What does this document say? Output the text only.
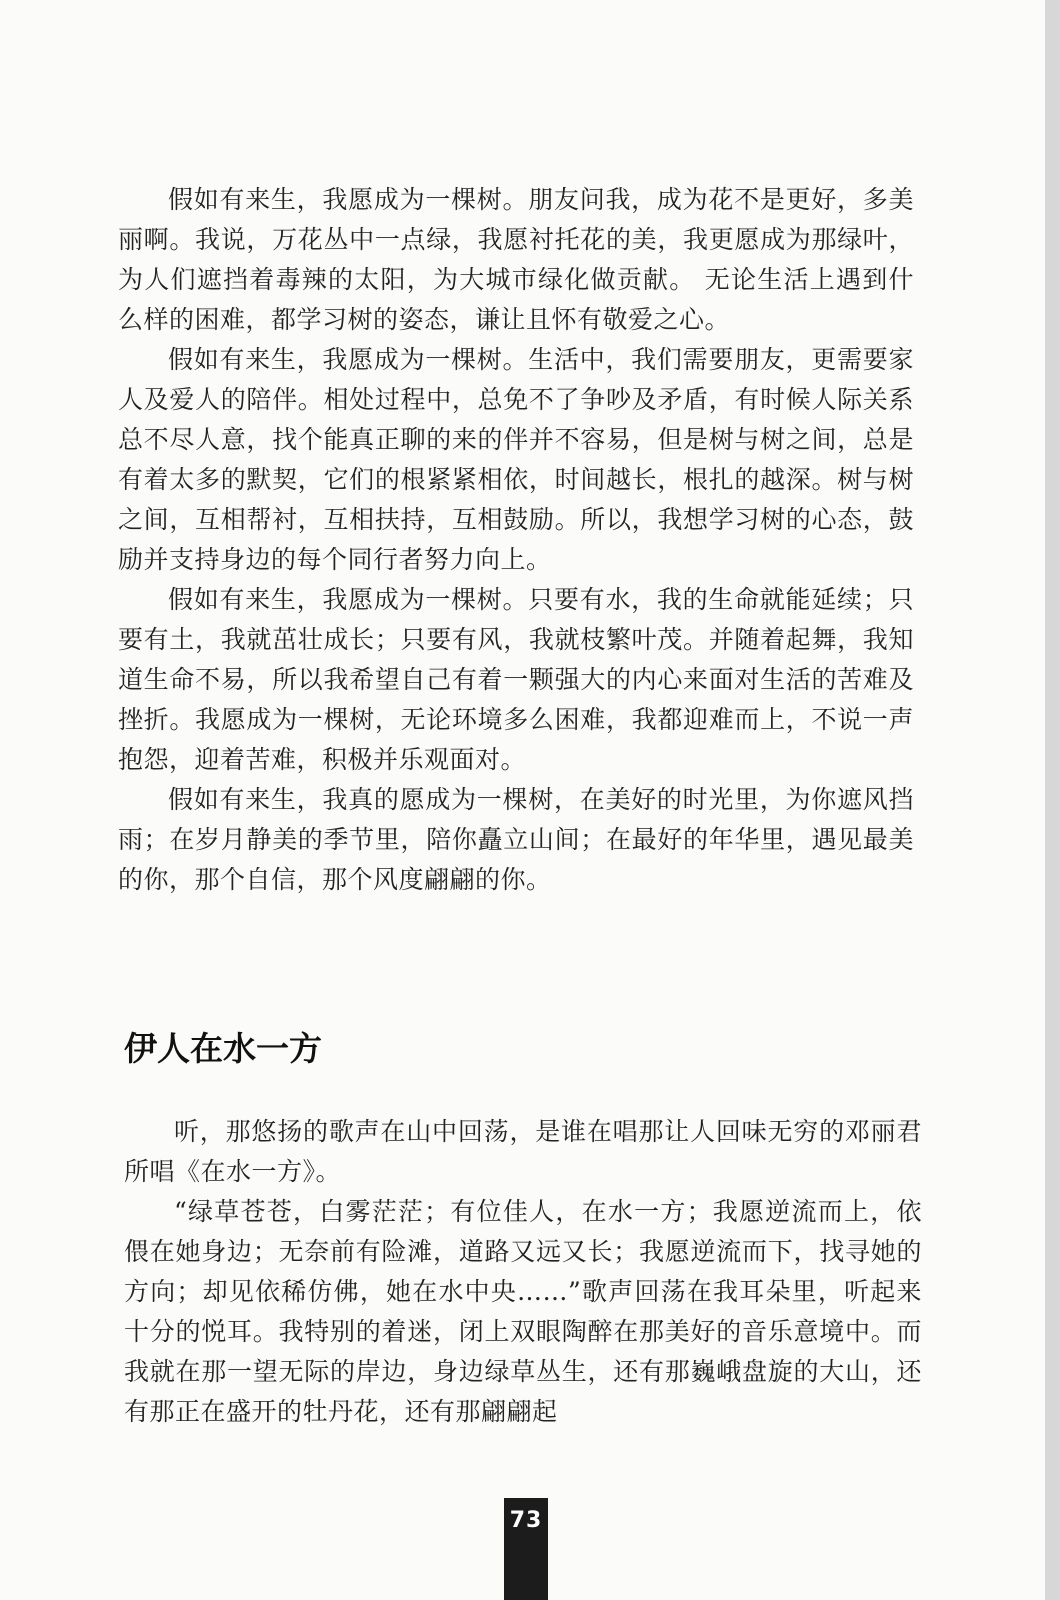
假如有来生，我愿成为一棵树。朋友问我，成为花不是更好，多美丽啊。我说，万花丛中一点绿，我愿衬托花的美，我更愿成为那绿叶，为人们遮挡着毒辣的太阳，为大城市绿化做贡献。 无论生活上遇到什么样的困难，都学习树的姿态，谦让且怀有敬爱之心。

假如有来生，我愿成为一棵树。生活中，我们需要朋友，更需要家人及爱人的陪伴。相处过程中，总免不了争吵及矛盾，有时候人际关系总不尽人意，找个能真正聊的来的伴并不容易，但是树与树之间，总是有着太多的默契，它们的根紧紧相依，时间越长，根扎的越深。树与树之间，互相帮衬，互相扶持，互相鼓励。所以，我想学习树的心态，鼓励并支持身边的每个同行者努力向上。

假如有来生，我愿成为一棵树。只要有水，我的生命就能延续；只要有土，我就茁壮成长；只要有风，我就枝繁叶茂。并随着起舞，我知道生命不易，所以我希望自己有着一颗强大的内心来面对生活的苦难及挫折。我愿成为一棵树，无论环境多么困难，我都迎难而上，不说一声抱怨，迎着苦难，积极并乐观面对。

假如有来生，我真的愿成为一棵树，在美好的时光里，为你遮风挡雨；在岁月静美的季节里，陪你矗立山间；在最好的年华里，遇见最美的你，那个自信，那个风度翩翩的你。

伊人在水一方

听，那悠扬的歌声在山中回荡，是谁在唱那让人回味无穷的邓丽君所唱《在水一方》。

“绿草苍苍，白雾茫茫；有位佳人，在水一方；我愿逆流而上，依偎在她身边；无奈前有险滩，道路又远又长；我愿逆流而下，找寻她的方向；却见依稀仿佛，她在水中央……”歌声回荡在我耳朵里，听起来十分的悦耳。我特别的着迷，闭上双眼陶醉在那美好的音乐意境中。而我就在那一望无际的岸边，身边绿草丛生，还有那巍峨盘旋的大山，还有那正在盛开的牡丹花，还有那翩翩起

73
